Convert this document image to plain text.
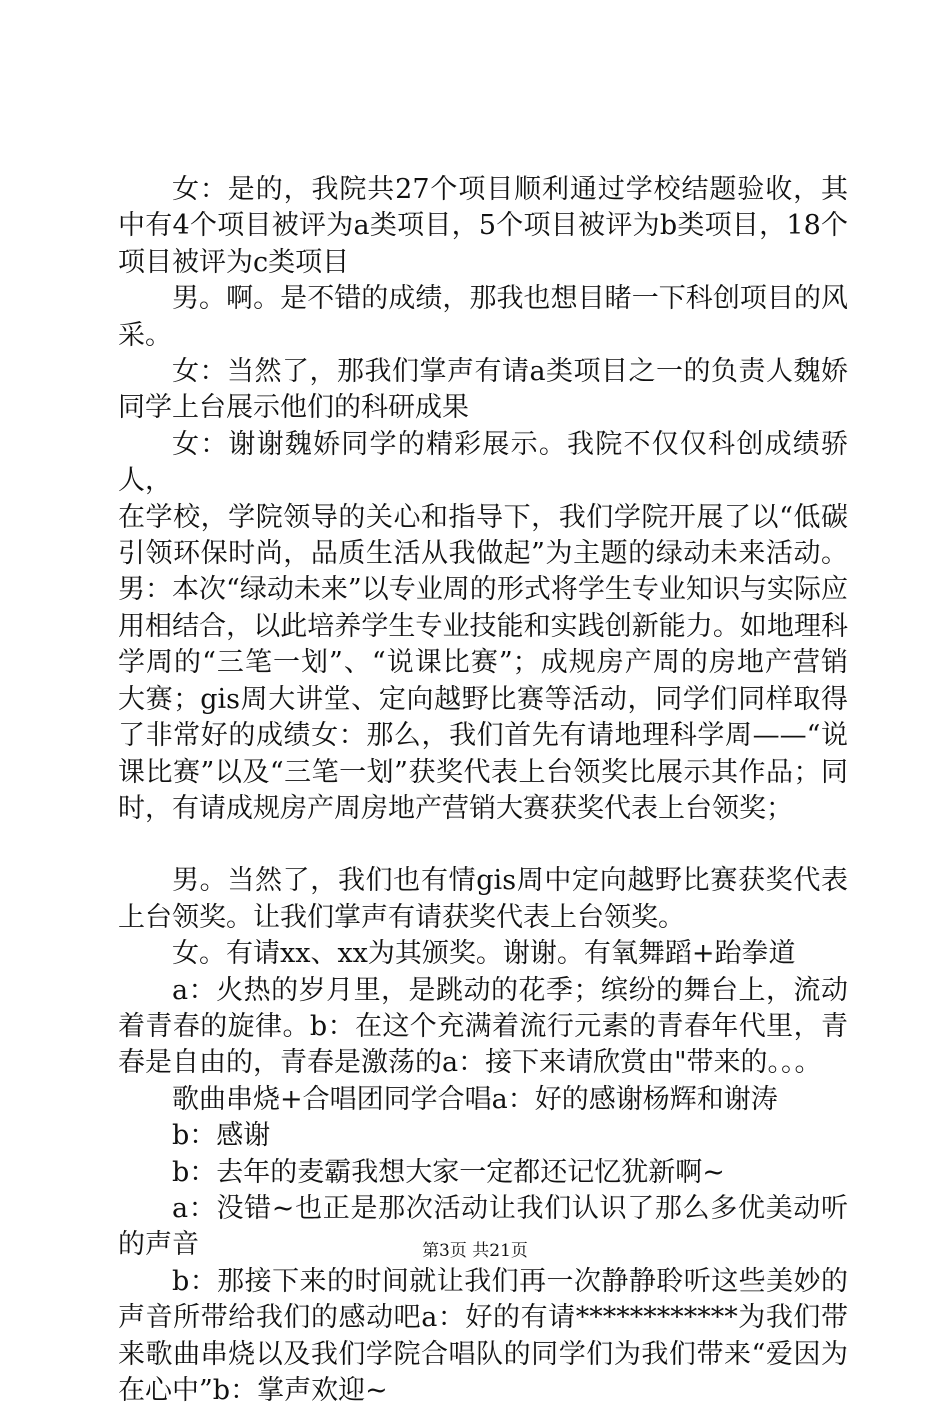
女：是的，我院共27个项目顺利通过学校结题验收，其中有4个项目被评为a类项目，5个项目被评为b类项目，18个项目被评为c类项目

男。啊。是不错的成绩，那我也想目睹一下科创项目的风采。

女：当然了，那我们掌声有请a类项目之一的负责人魏娇同学上台展示他们的科研成果

女：谢谢魏娇同学的精彩展示。我院不仅仅科创成绩骄人，

在学校，学院领导的关心和指导下，我们学院开展了以“低碳引领环保时尚，品质生活从我做起”为主题的绿动未来活动。男：本次“绿动未来”以专业周的形式将学生专业知识与实际应用相结合，以此培养学生专业技能和实践创新能力。如地理科学周的“三笔一划”、“说课比赛”；成规房产周的房地产营销大赛；gis周大讲堂、定向越野比赛等活动，同学们同样取得了非常好的成绩女：那么，我们首先有请地理科学周——“说课比赛”以及“三笔一划”获奖代表上台领奖比展示其作品；同时，有请成规房产周房地产营销大赛获奖代表上台领奖；

男。当然了，我们也有情gis周中定向越野比赛获奖代表上台领奖。让我们掌声有请获奖代表上台领奖。

女。有请xx、xx为其颁奖。谢谢。有氧舞蹈+跆拳道

a：火热的岁月里，是跳动的花季；缤纷的舞台上，流动着青春的旋律。b：在这个充满着流行元素的青春年代里，青春是自由的，青春是激荡的a：接下来请欣赏由"带来的。。。

歌曲串烧+合唱团同学合唱a：好的感谢杨辉和谢涛

b：感谢

b：去年的麦霸我想大家一定都还记忆犹新啊~

a：没错~也正是那次活动让我们认识了那么多优美动听的声音

b：那接下来的时间就让我们再一次静静聆听这些美妙的声音所带给我们的感动吧a：好的有请************为我们带来歌曲串烧以及我们学院合唱队的同学们为我们带来“爱因为在心中”b：掌声欢迎~

第3页 共21页
